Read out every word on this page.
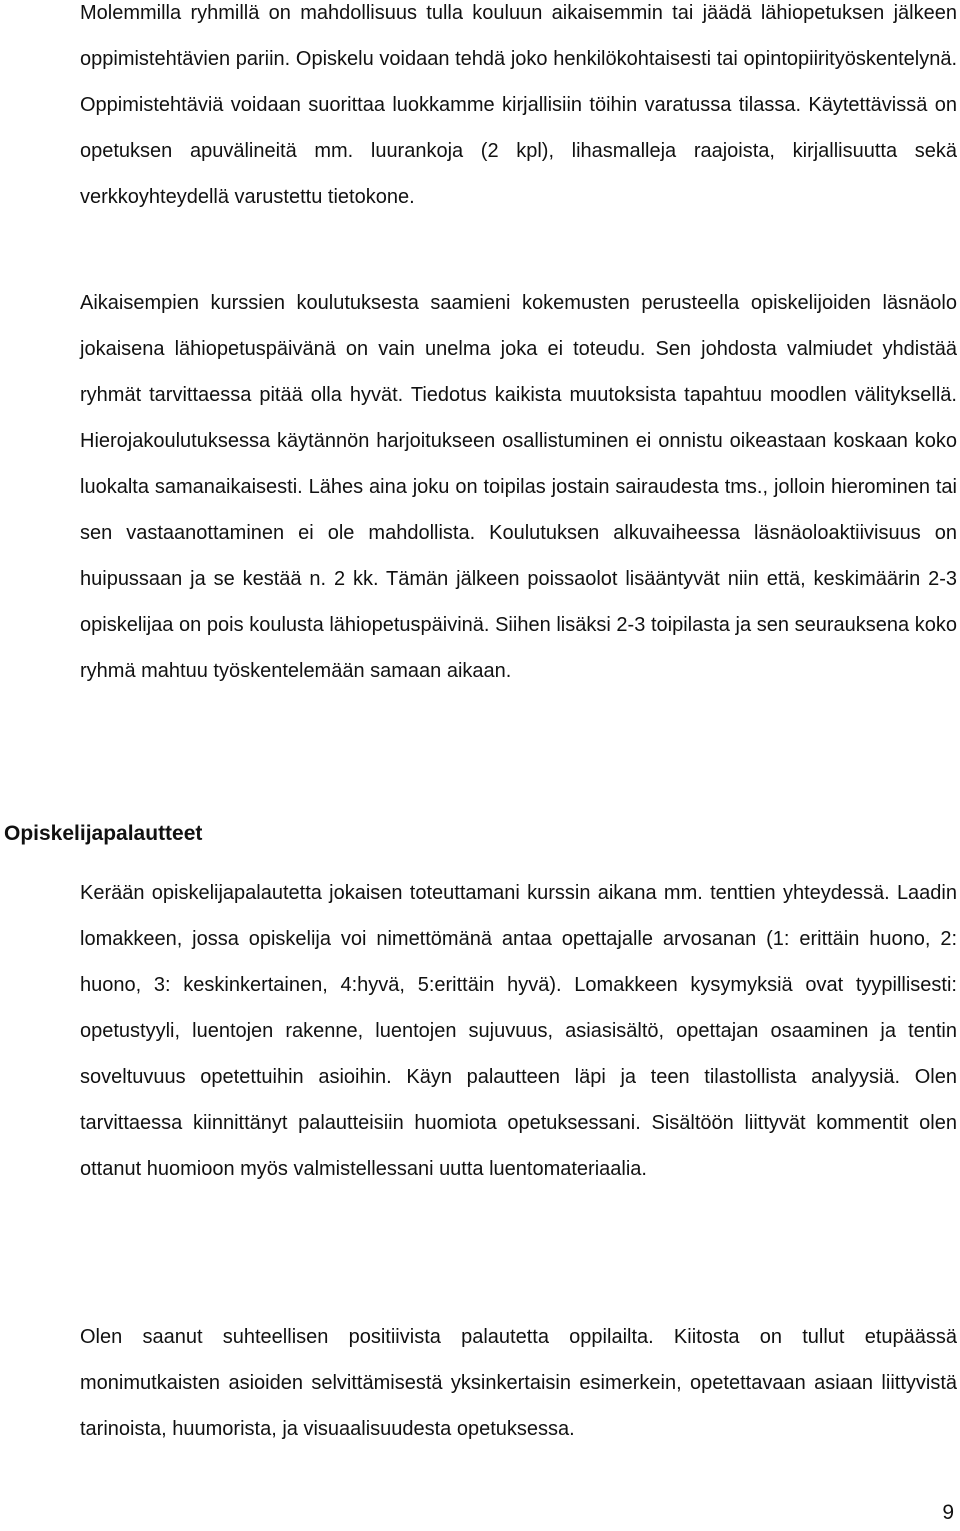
Molemmilla ryhmillä on mahdollisuus tulla kouluun aikaisemmin tai jäädä lähiopetuksen jälkeen oppimistehtävien pariin. Opiskelu voidaan tehdä joko henkilökohtaisesti tai opintopiirityöskentelynä. Oppimistehtäviä voidaan suorittaa luokkamme kirjallisiin töihin varatussa tilassa. Käytettävissä on opetuksen apuvälineitä mm. luurankoja (2 kpl), lihasmalleja raajoista, kirjallisuutta sekä verkkoyhteydellä varustettu tietokone.

Aikaisempien kurssien koulutuksesta saamieni kokemusten perusteella opiskelijoiden läsnäolo jokaisena lähiopetuspäivänä on vain unelma joka ei toteudu. Sen johdosta valmiudet yhdistää ryhmät tarvittaessa pitää olla hyvät. Tiedotus kaikista muutoksista tapahtuu moodlen välityksellä. Hierojakoulutuksessa käytännön harjoitukseen osallistuminen ei onnistu oikeastaan koskaan koko luokalta samanaikaisesti. Lähes aina joku on toipilas jostain sairaudesta tms., jolloin hierominen tai sen vastaanottaminen ei ole mahdollista. Koulutuksen alkuvaiheessa läsnäoloaktiivisuus on huipussaan ja se kestää n. 2 kk. Tämän jälkeen poissaolot lisääntyvät niin että, keskimäärin 2-3 opiskelijaa on pois koulusta lähiopetuspäivinä. Siihen lisäksi 2-3 toipilasta ja sen seurauksena koko ryhmä mahtuu työskentelemään samaan aikaan.

Opiskelijapalautteet

Kerään opiskelijapalautetta jokaisen toteuttamani kurssin aikana mm. tenttien yhteydessä. Laadin lomakkeen, jossa opiskelija voi nimettömänä antaa opettajalle arvosanan (1: erittäin huono, 2: huono, 3: keskinkertainen, 4:hyvä, 5:erittäin hyvä). Lomakkeen kysymyksiä ovat tyypillisesti: opetustyyli, luentojen rakenne, luentojen sujuvuus, asiasisältö, opettajan osaaminen ja tentin soveltuvuus opetettuihin asioihin. Käyn palautteen läpi ja teen tilastollista analyysiä. Olen tarvittaessa kiinnittänyt palautteisiin huomiota opetuksessani. Sisältöön liittyvät kommentit olen ottanut huomioon myös valmistellessani uutta luentomateriaalia.

Olen saanut suhteellisen positiivista palautetta oppilailta. Kiitosta on tullut etupäässä monimutkaisten asioiden selvittämisestä yksinkertaisin esimerkein, opetettavaan asiaan liittyvistä tarinoista, huumorista, ja visuaalisuudesta opetuksessa.

9
